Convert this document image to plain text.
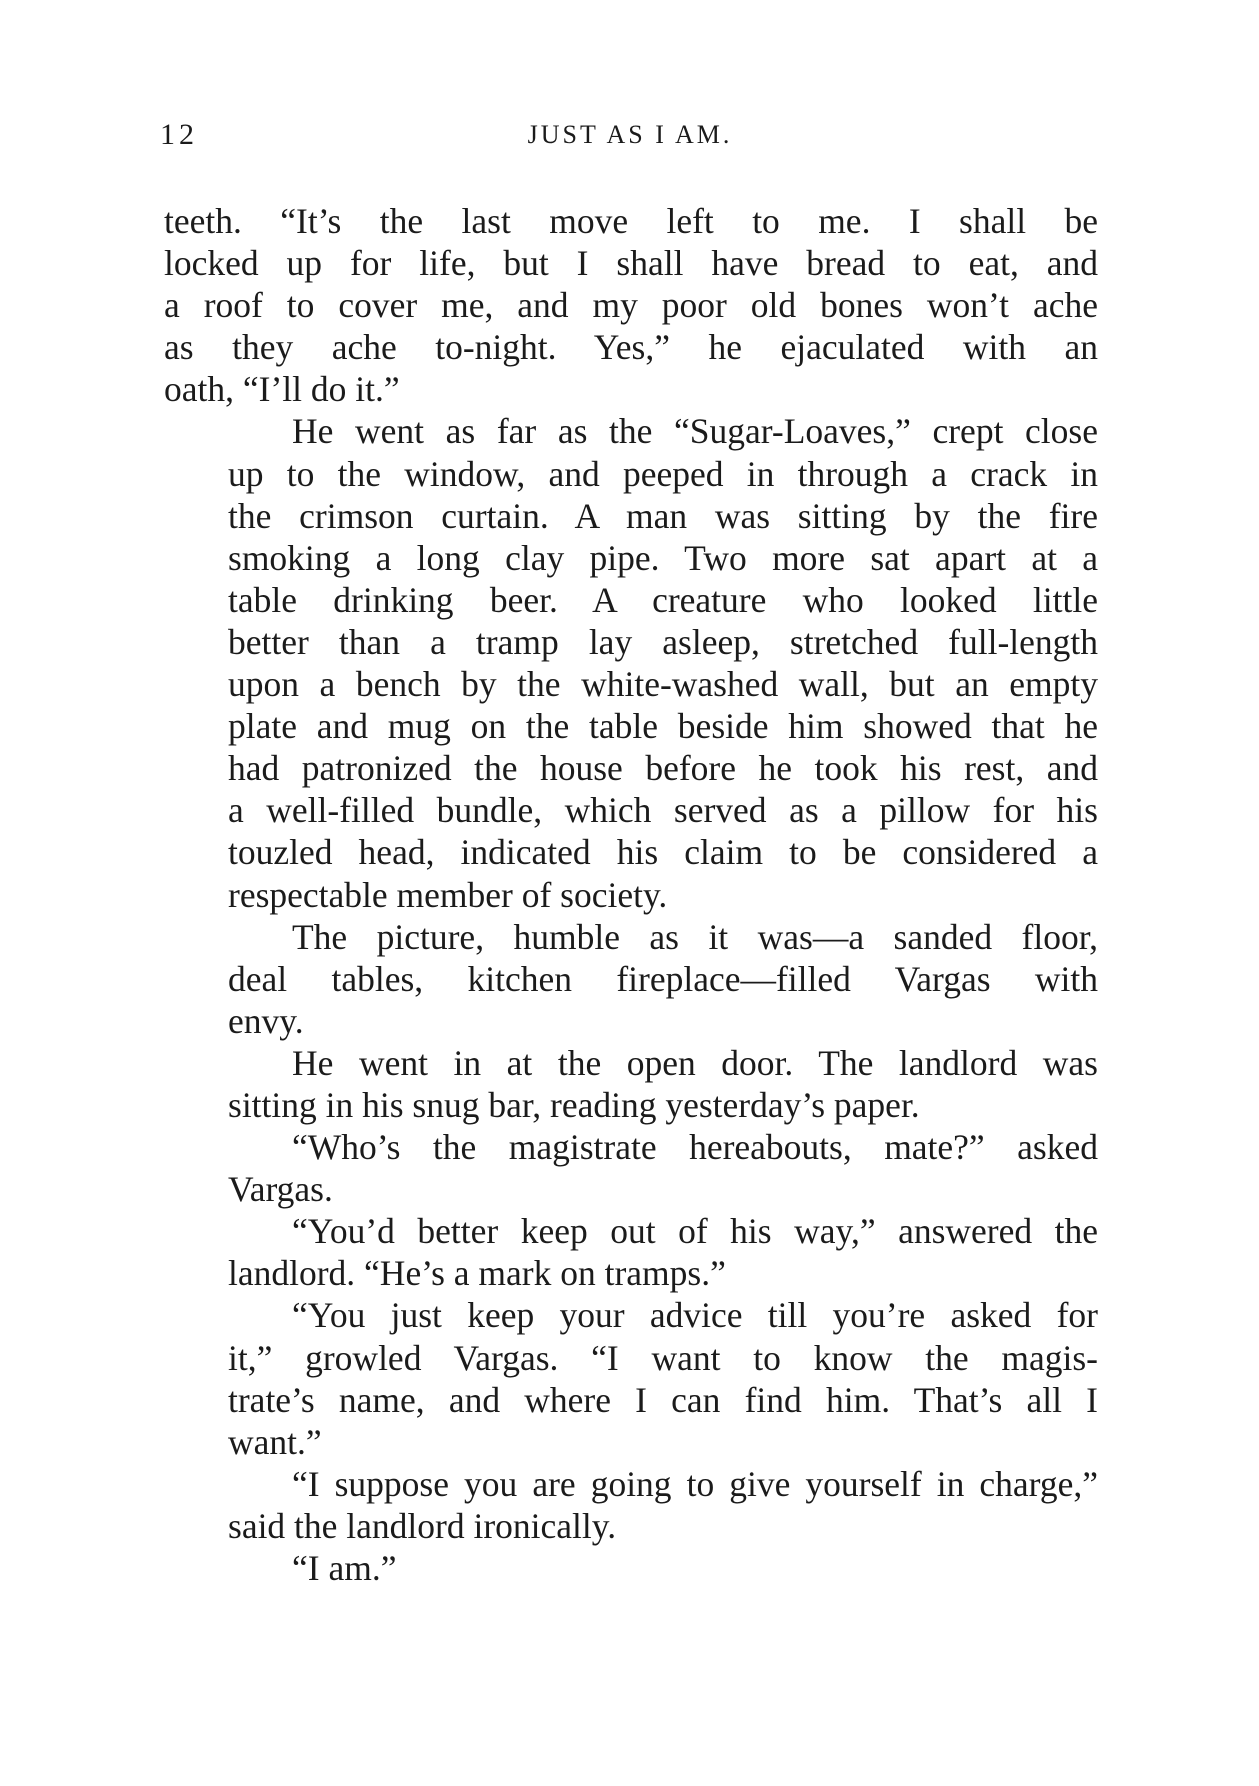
12	JUST AS I AM.
teeth. “It’s the last move left to me. I shall be
locked up for life, but I shall have bread to eat, and
a roof to cover me, and my poor old bones won’t ache
as they ache to-night. Yes,” he ejaculated with an
oath, “I’ll do it.”
He went as far as the “Sugar-Loaves,” crept close
up to the window, and peeped in through a crack in
the crimson curtain. A man was sitting by the fire
smoking a long clay pipe. Two more sat apart at a
table drinking beer. A creature who looked little
better than a tramp lay asleep, stretched full-length
upon a bench by the white-washed wall, but an empty
plate and mug on the table beside him showed that he
had patronized the house before he took his rest, and
a well-filled bundle, which served as a pillow for his
touzled head, indicated his claim to be considered a
respectable member of society.
The picture, humble as it was—a sanded floor,
deal tables, kitchen fireplace—filled Vargas with
envy.
He went in at the open door. The landlord was
sitting in his snug bar, reading yesterday’s paper.
“Who’s the magistrate hereabouts, mate?” asked
Vargas.
“You’d better keep out of his way,” answered the
landlord. “He’s a mark on tramps.”
“You just keep your advice till you’re asked for
it,” growled Vargas. “I want to know the magis-
trate’s name, and where I can find him. That’s all I
want.”
“I suppose you are going to give yourself in charge,”
said the landlord ironically.
“I am.”
